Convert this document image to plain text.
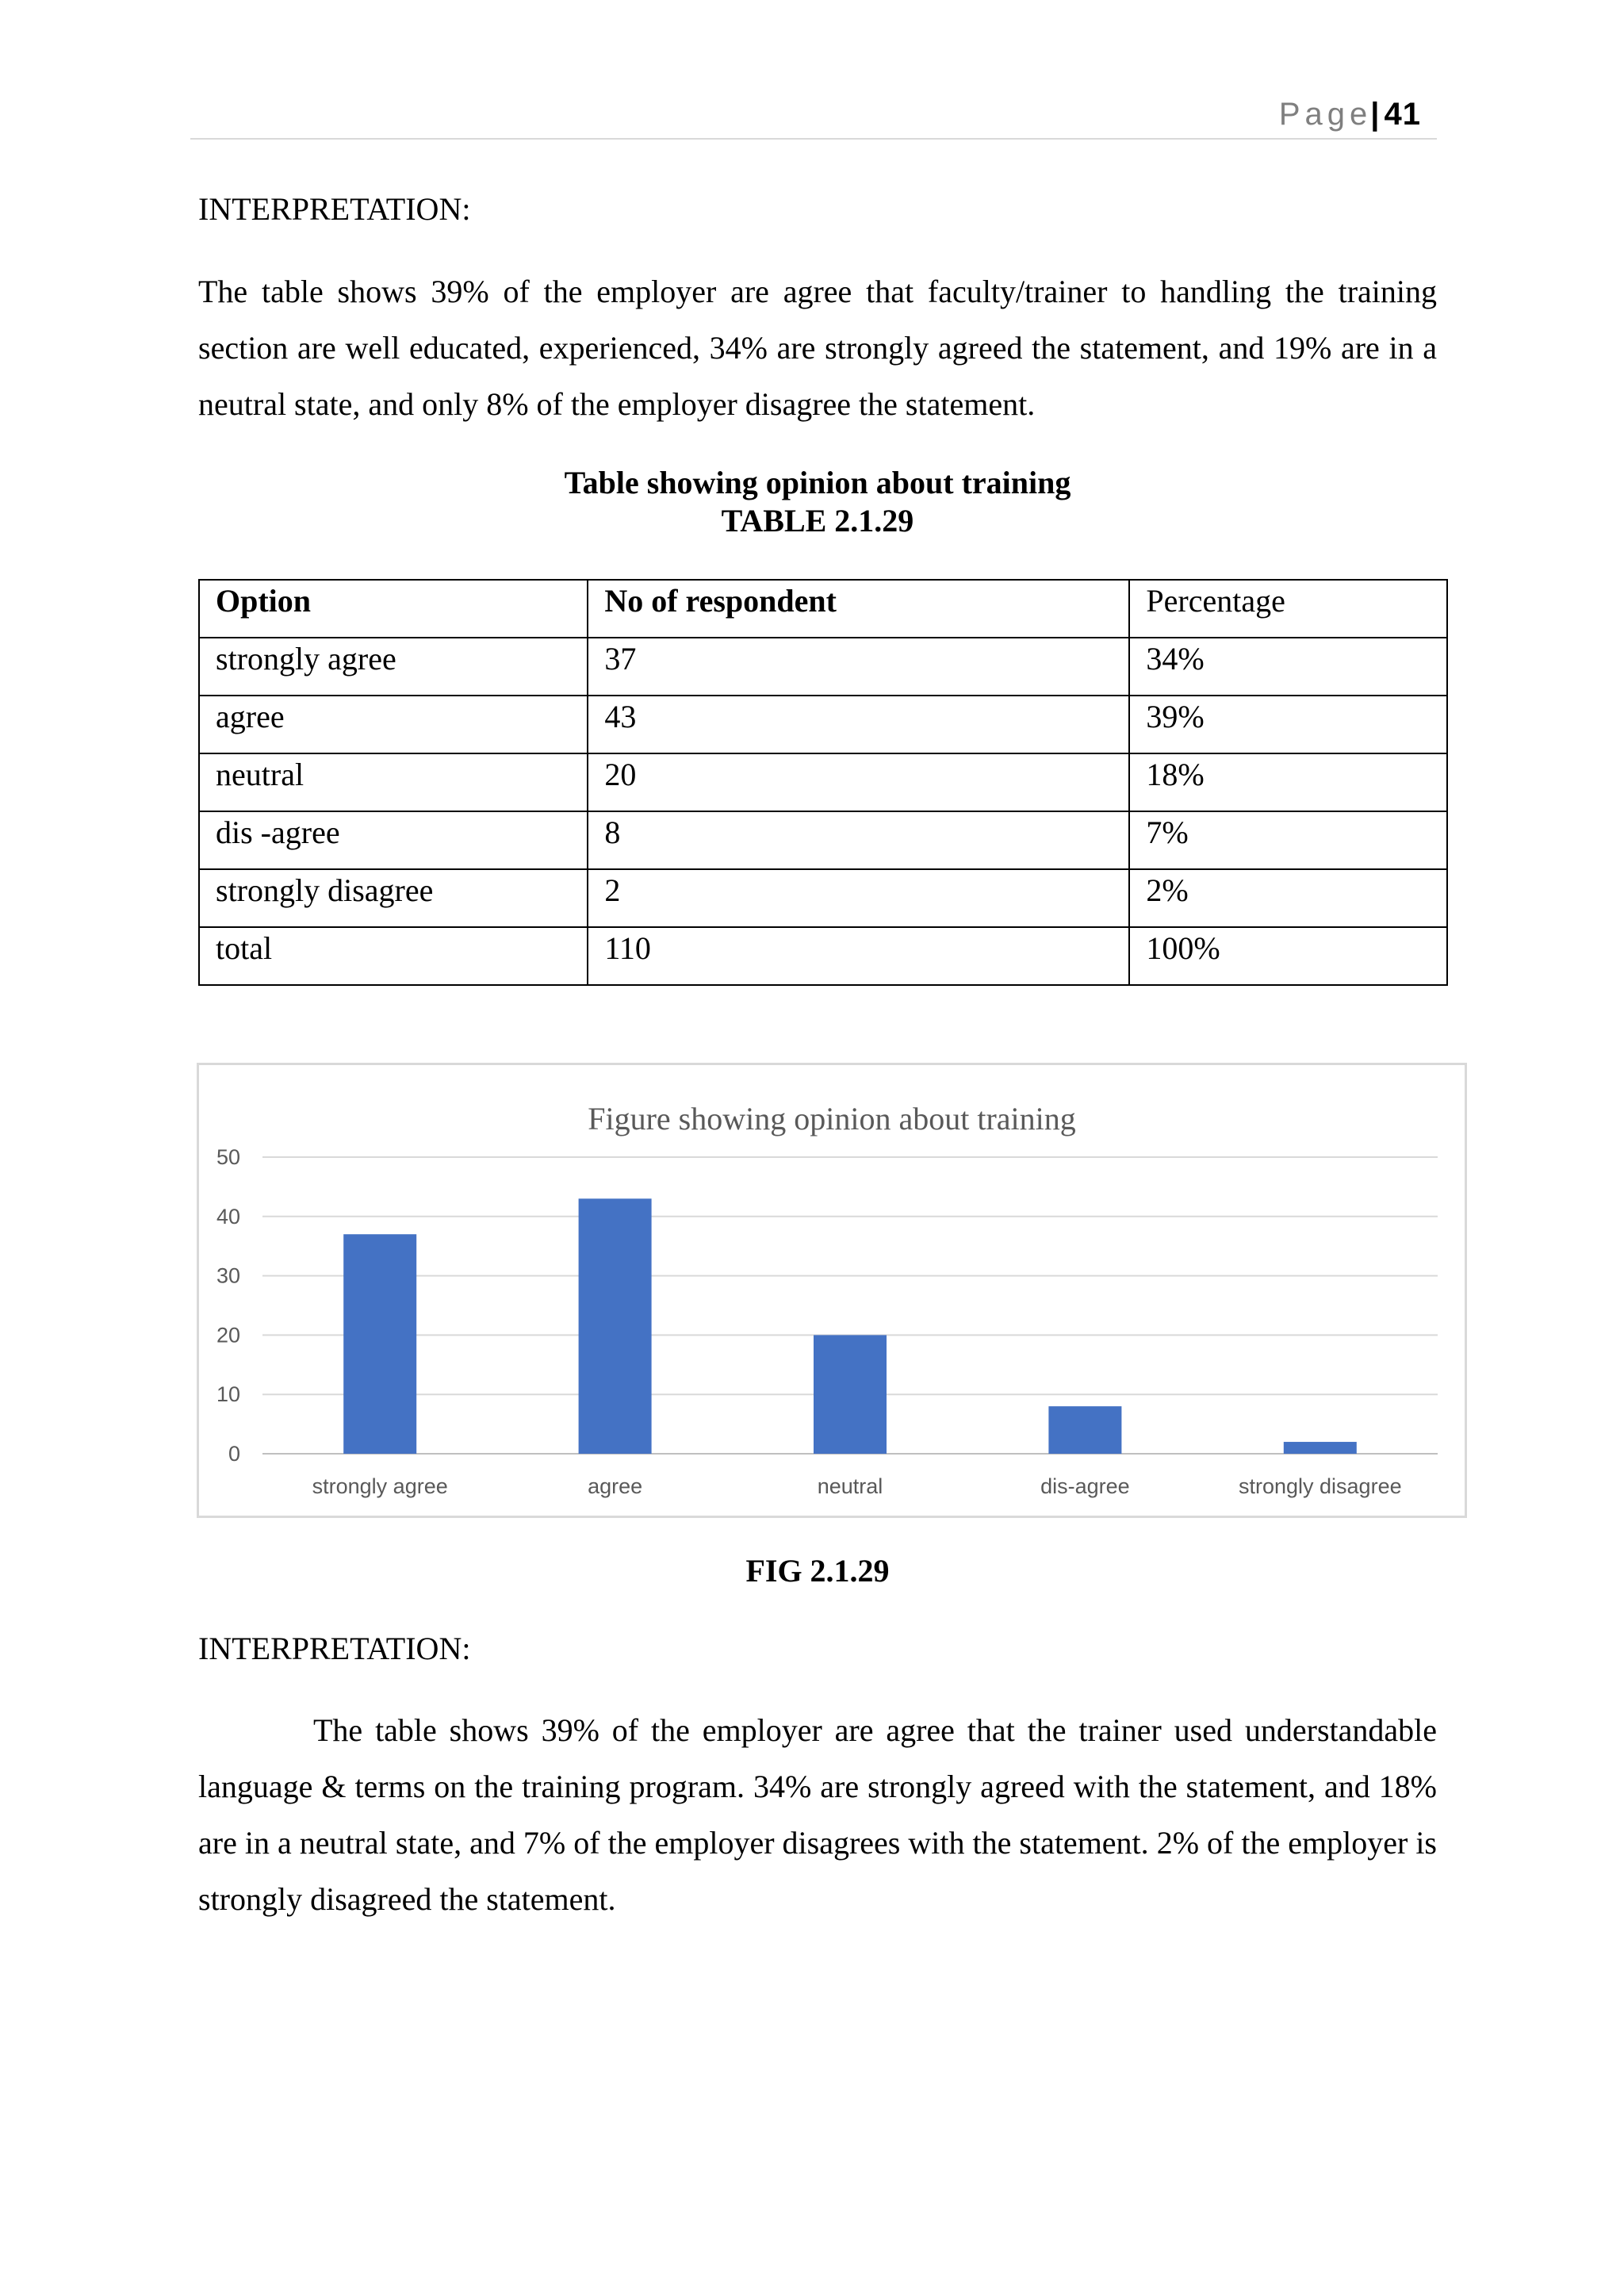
Page| 41
INTERPRETATION:

The table shows 39% of the employer are agree that faculty/trainer to handling the training section are well educated, experienced, 34% are strongly agreed the statement, and 19% are in a neutral state, and only 8% of the employer disagree the statement.

Table showing opinion about training
TABLE 2.1.29
Option	No of respondent	Percentage
strongly agree	37	34%
agree	43	39%
neutral	20	18%
dis -agree	8	7%
strongly disagree	2	2%
total	110	100%
Figure showing opinion about training
0
10
20
30
40
50
strongly agree	agree	neutral	dis-agree	strongly disagree
FIG 2.1.29
INTERPRETATION:

The table shows 39% of the employer are agree that the trainer used understandable language & terms on the training program. 34% are strongly agreed with the statement, and 18% are in a neutral state, and 7% of the employer disagrees with the statement. 2% of the employer is strongly disagreed the statement.
